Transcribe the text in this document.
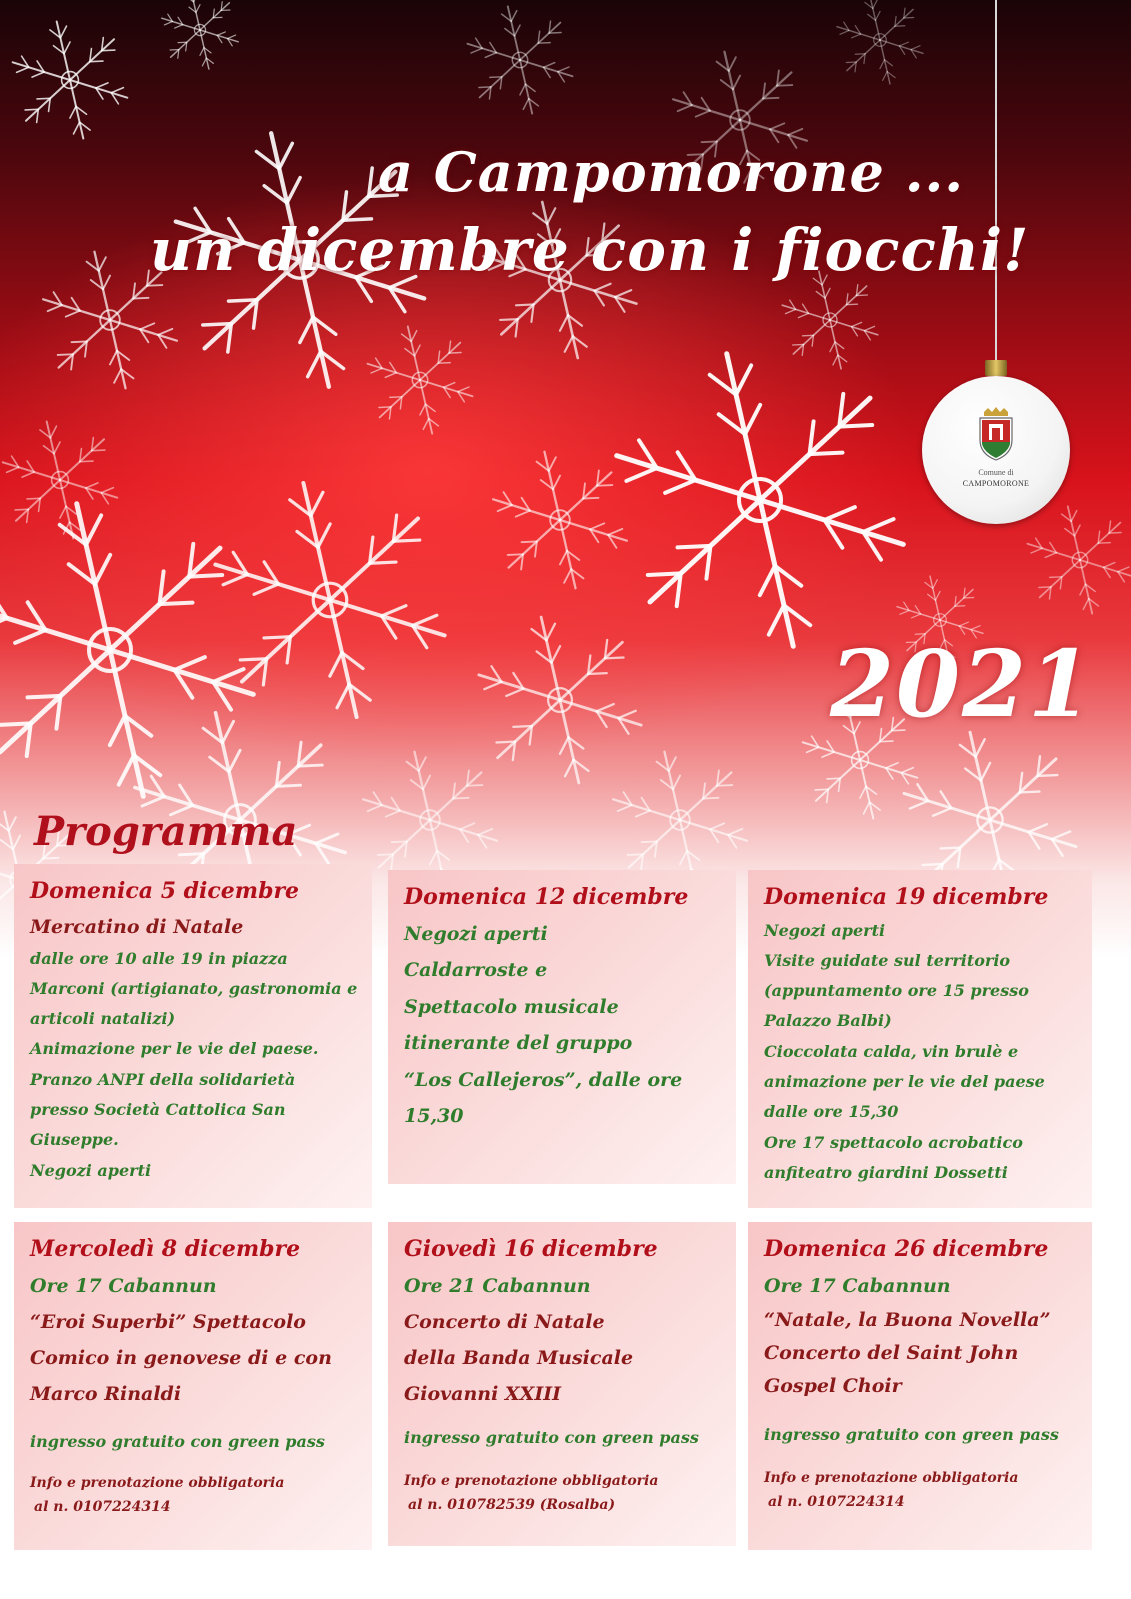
Comune di
CAMPOMORONE
a Campomorone ...
un dicembre con i fiocchi!
2021
Programma
Domenica 5 dicembre
Mercatino di Natale
dalle ore 10 alle 19 in piazza
Marconi (artigianato, gastronomia e
articoli natalizi)
Animazione per le vie del paese.
Pranzo ANPI della solidarietà
presso Società Cattolica San
Giuseppe.
Negozi aperti
Domenica 12 dicembre
Negozi aperti
Caldarroste e
Spettacolo musicale
itinerante del gruppo
“Los Callejeros”, dalle ore
15,30
Domenica 19 dicembre
Negozi aperti
Visite guidate sul territorio
(appuntamento ore 15 presso
Palazzo Balbi)
Cioccolata calda, vin brulè e
animazione per le vie del paese
dalle ore 15,30
Ore 17 spettacolo acrobatico
anfiteatro giardini Dossetti
Mercoledì 8 dicembre
Ore 17 Cabannun
“Eroi Superbi” Spettacolo
Comico in genovese di e con
Marco Rinaldi
ingresso gratuito con green pass
Info e prenotazione obbligatoria
al n. 0107224314
Giovedì 16 dicembre
Ore 21 Cabannun
Concerto di Natale
della Banda Musicale
Giovanni XXIII
ingresso gratuito con green pass
Info e prenotazione obbligatoria
al n. 010782539 (Rosalba)
Domenica 26 dicembre
Ore 17 Cabannun
“Natale, la Buona Novella”
Concerto del Saint John
Gospel Choir
ingresso gratuito con green pass
Info e prenotazione obbligatoria
al n. 0107224314
